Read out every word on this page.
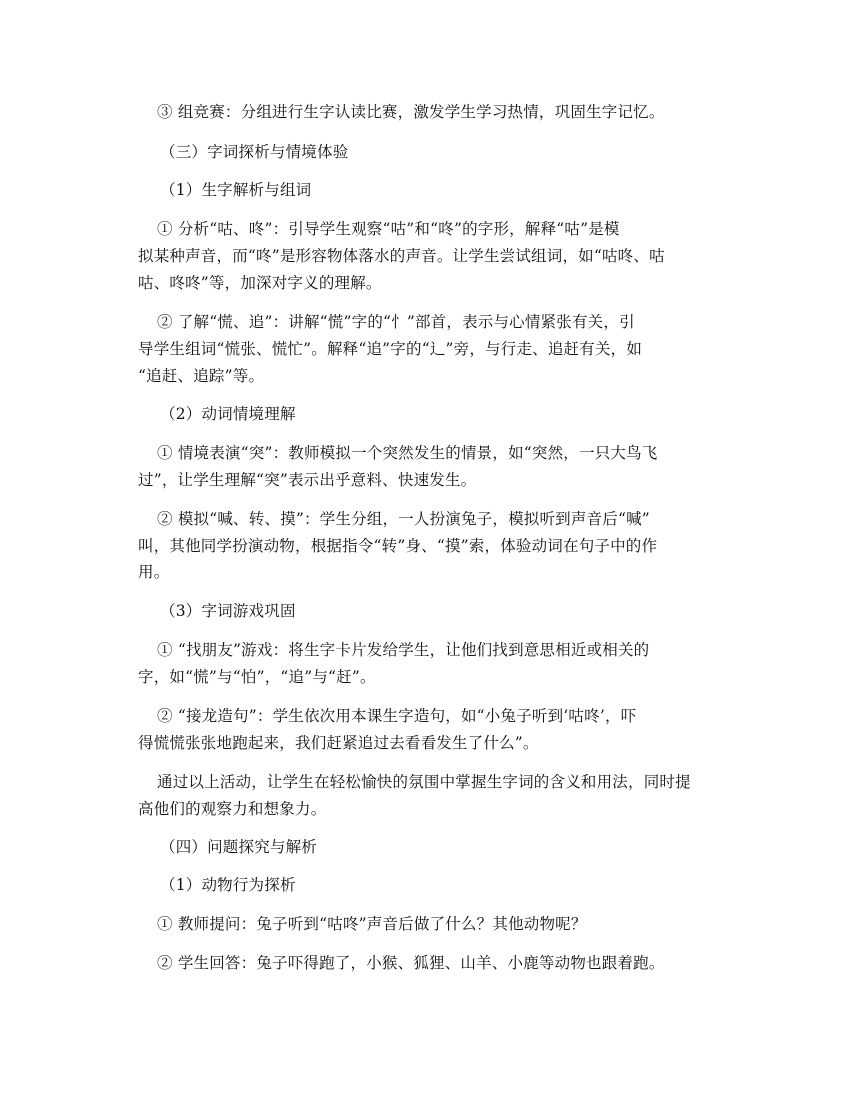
③ 组竞赛：分组进行生字认读比赛，激发学生学习热情，巩固生字记忆。
（三）字词探析与情境体验
（1）生字解析与组词
① 分析“咕、咚”：引导学生观察“咕”和“咚”的字形，解释“咕”是模
拟某种声音，而“咚”是形容物体落水的声音。让学生尝试组词，如“咕咚、咕
咕、咚咚”等，加深对字义的理解。
② 了解“慌、追”：讲解“慌”字的“忄”部首，表示与心情紧张有关，引
导学生组词“慌张、慌忙”。解释“追”字的“辶”旁，与行走、追赶有关，如
“追赶、追踪”等。
（2）动词情境理解
① 情境表演“突”：教师模拟一个突然发生的情景，如“突然，一只大鸟飞
过”，让学生理解“突”表示出乎意料、快速发生。
② 模拟“喊、转、摸”：学生分组，一人扮演兔子，模拟听到声音后“喊”
叫，其他同学扮演动物，根据指令“转”身、“摸”索，体验动词在句子中的作
用。
（3）字词游戏巩固
① “找朋友”游戏：将生字卡片发给学生，让他们找到意思相近或相关的
字，如“慌”与“怕”，“追”与“赶”。
② “接龙造句”：学生依次用本课生字造句，如“小兔子听到‘咕咚’，吓
得慌慌张张地跑起来，我们赶紧追过去看看发生了什么”。
通过以上活动，让学生在轻松愉快的氛围中掌握生字词的含义和用法，同时提
高他们的观察力和想象力。
（四）问题探究与解析
（1）动物行为探析
① 教师提问：兔子听到“咕咚”声音后做了什么？其他动物呢？
② 学生回答：兔子吓得跑了，小猴、狐狸、山羊、小鹿等动物也跟着跑。
